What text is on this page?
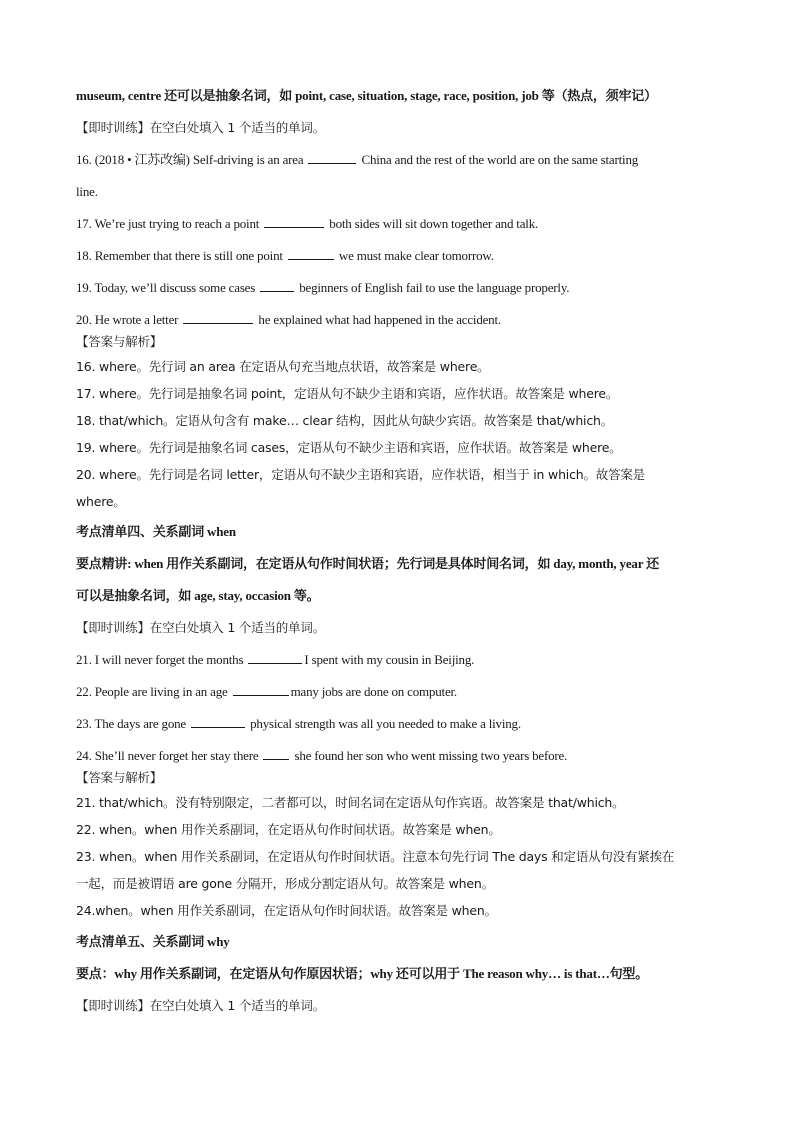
museum, centre 还可以是抽象名词，如 point, case, situation, stage, race, position, job 等（热点，须牢记）
【即时训练】在空白处填入 1 个适当的单词。
16. (2018 • 江苏改编) Self-driving is an area	China and the rest of the world are on the same starting
line.
17. We’re just trying to reach a point	both sides will sit down together and talk.
18. Remember that there is still one point	we must make clear tomorrow.
19. Today, we’ll discuss some cases	beginners of English fail to use the language properly.
20. He wrote a letter	he explained what had happened in the accident.
【答案与解析】
16. where。先行词 an area 在定语从句充当地点状语，故答案是 where。
17. where。先行词是抽象名词 point，定语从句不缺少主语和宾语，应作状语。故答案是 where。
18. that/which。定语从句含有 make… clear 结构，因此从句缺少宾语。故答案是 that/which。
19. where。先行词是抽象名词 cases，定语从句不缺少主语和宾语，应作状语。故答案是 where。
20. where。先行词是名词 letter，定语从句不缺少主语和宾语，应作状语，相当于 in which。故答案是
where。
考点清单四、关系副词 when
要点精讲: when 用作关系副词，在定语从句作时间状语；先行词是具体时间名词，如 day, month, year 还
可以是抽象名词，如 age, stay, occasion 等。
【即时训练】在空白处填入 1 个适当的单词。
21. I will never forget the months	I spent with my cousin in Beijing.
22. People are living in an age	many jobs are done on computer.
23. The days are gone	physical strength was all you needed to make a living.
24. She’ll never forget her stay there  she found her son who went missing two years before.
【答案与解析】
21. that/which。没有特别限定，二者都可以，时间名词在定语从句作宾语。故答案是 that/which。
22. when。when 用作关系副词，在定语从句作时间状语。故答案是 when。
23. when。when 用作关系副词，在定语从句作时间状语。注意本句先行词 The days 和定语从句没有紧挨在
一起，而是被谓语 are gone 分隔开，形成分割定语从句。故答案是 when。
24.when。when 用作关系副词，在定语从句作时间状语。故答案是 when。
考点清单五、关系副词 why
要点：why 用作关系副词，在定语从句作原因状语；why 还可以用于 The reason why… is that…句型。
【即时训练】在空白处填入 1 个适当的单词。
